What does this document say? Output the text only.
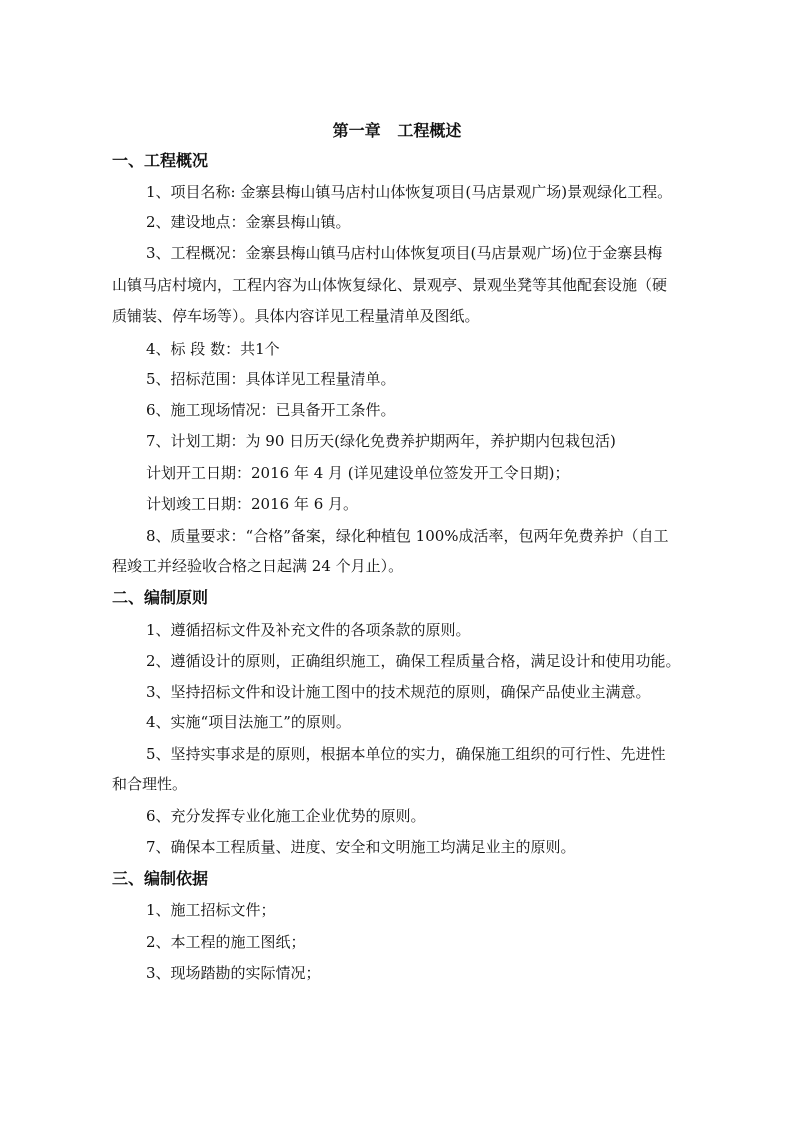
第一章   工程概述
一、工程概况
1、项目名称: 金寨县梅山镇马店村山体恢复项目(马店景观广场)景观绿化工程。
2、建设地点：金寨县梅山镇。
3、工程概况：金寨县梅山镇马店村山体恢复项目(马店景观广场)位于金寨县梅
山镇马店村境内，工程内容为山体恢复绿化、景观亭、景观坐凳等其他配套设施（硬
质铺装、停车场等）。具体内容详见工程量清单及图纸。
4、标 段 数：共1个
5、招标范围：具体详见工程量清单。
6、施工现场情况：已具备开工条件。
7、计划工期：为 90 日历天(绿化免费养护期两年，养护期内包栽包活)
计划开工日期：2016 年 4 月 (详见建设单位签发开工令日期)；
计划竣工日期：2016 年 6 月。
8、质量要求：“合格”备案，绿化种植包 100%成活率，包两年免费养护（自工
程竣工并经验收合格之日起满 24 个月止）。
二、编制原则
1、遵循招标文件及补充文件的各项条款的原则。
2、遵循设计的原则，正确组织施工，确保工程质量合格，满足设计和使用功能。
3、坚持招标文件和设计施工图中的技术规范的原则，确保产品使业主满意。
4、实施“项目法施工”的原则。
5、坚持实事求是的原则，根据本单位的实力，确保施工组织的可行性、先进性
和合理性。
6、充分发挥专业化施工企业优势的原则。
7、确保本工程质量、进度、安全和文明施工均满足业主的原则。
三、编制依据
1、施工招标文件；
2、本工程的施工图纸；
3、现场踏勘的实际情况；
